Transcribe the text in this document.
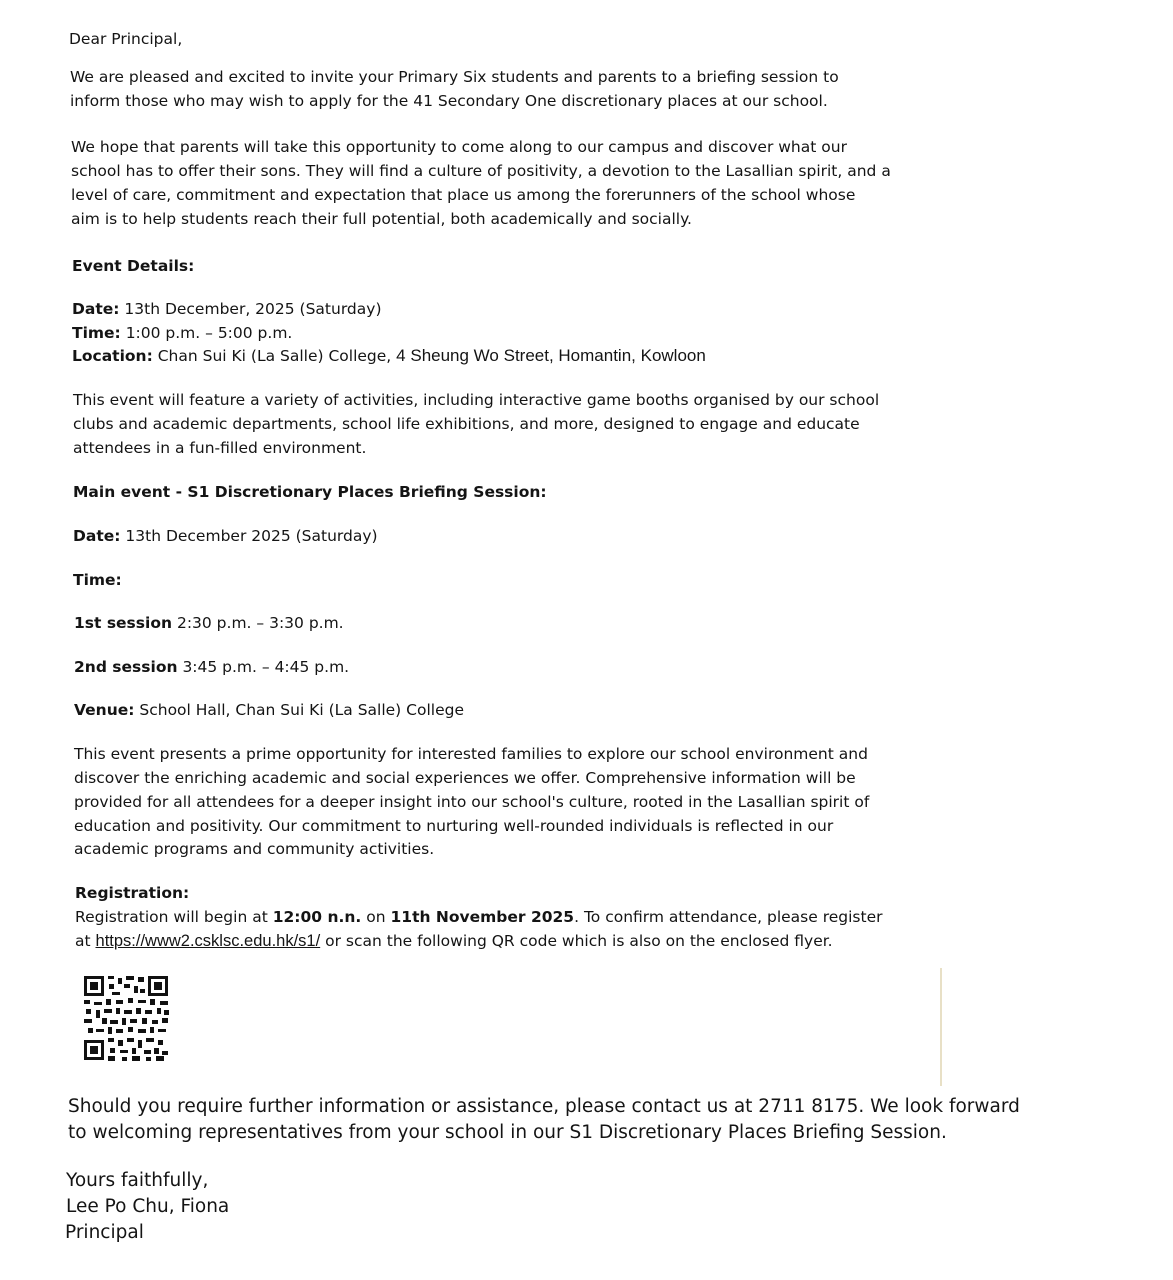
Dear Principal,
We are pleased and excited to invite your Primary Six students and parents to a briefing session to
inform those who may wish to apply for the 41 Secondary One discretionary places at our school.
We hope that parents will take this opportunity to come along to our campus and discover what our
school has to offer their sons. They will find a culture of positivity, a devotion to the Lasallian spirit, and a
level of care, commitment and expectation that place us among the forerunners of the school whose
aim is to help students reach their full potential, both academically and socially.
Event Details:
Date: 13th December, 2025 (Saturday)
Time: 1:00 p.m. – 5:00 p.m.
Location: Chan Sui Ki (La Salle) College, 4 Sheung Wo Street, Homantin, Kowloon
This event will feature a variety of activities, including interactive game booths organised by our school
clubs and academic departments, school life exhibitions, and more, designed to engage and educate
attendees in a fun-filled environment.
Main event - S1 Discretionary Places Briefing Session:
Date: 13th December 2025 (Saturday)
Time:
1st session 2:30 p.m. – 3:30 p.m.
2nd session 3:45 p.m. – 4:45 p.m.
Venue: School Hall, Chan Sui Ki (La Salle) College
This event presents a prime opportunity for interested families to explore our school environment and
discover the enriching academic and social experiences we offer. Comprehensive information will be
provided for all attendees for a deeper insight into our school's culture, rooted in the Lasallian spirit of
education and positivity. Our commitment to nurturing well-rounded individuals is reflected in our
academic programs and community activities.
Registration:
Registration will begin at 12:00 n.n. on 11th November 2025. To confirm attendance, please register
at https://www2.csklsc.edu.hk/s1/ or scan the following QR code which is also on the enclosed flyer.
Should you require further information or assistance, please contact us at 2711 8175. We look forward
to welcoming representatives from your school in our S1 Discretionary Places Briefing Session.
Yours faithfully,
Lee Po Chu, Fiona
Principal
